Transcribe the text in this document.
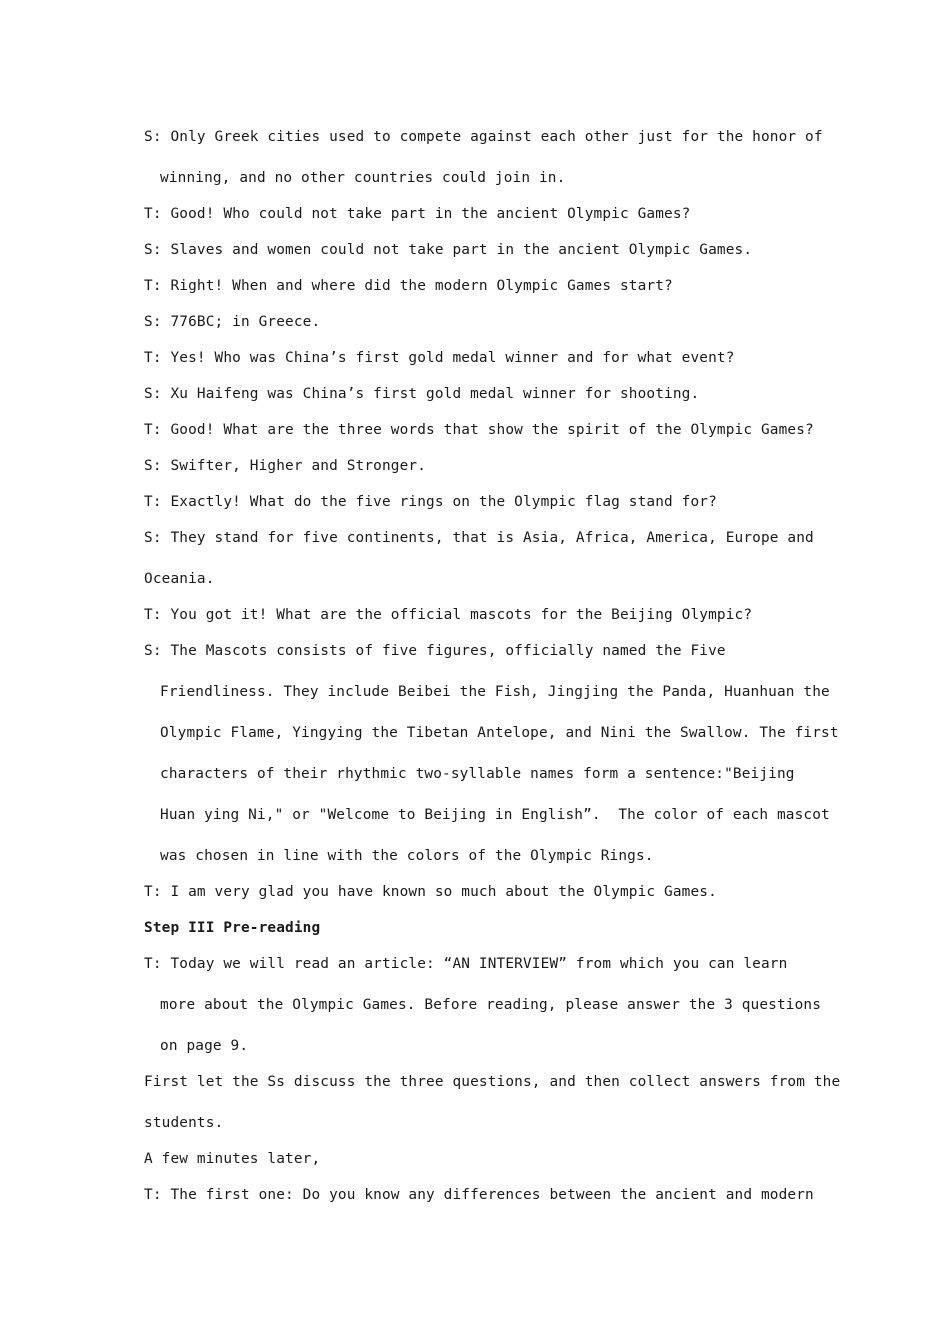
S: Only Greek cities used to compete against each other just for the honor of
winning, and no other countries could join in.
T: Good! Who could not take part in the ancient Olympic Games?
S: Slaves and women could not take part in the ancient Olympic Games.
T: Right! When and where did the modern Olympic Games start?
S: 776BC; in Greece.
T: Yes! Who was China’s first gold medal winner and for what event?
S: Xu Haifeng was China’s first gold medal winner for shooting.
T: Good! What are the three words that show the spirit of the Olympic Games?
S: Swifter, Higher and Stronger.
T: Exactly! What do the five rings on the Olympic flag stand for?
S: They stand for five continents, that is Asia, Africa, America, Europe and
Oceania.
T: You got it! What are the official mascots for the Beijing Olympic?
S: The Mascots consists of five figures, officially named the Five
Friendliness. They include Beibei the Fish, Jingjing the Panda, Huanhuan the
Olympic Flame, Yingying the Tibetan Antelope, and Nini the Swallow. The first
characters of their rhythmic two-syllable names form a sentence:"Beijing
Huan ying Ni," or "Welcome to Beijing in English”.  The color of each mascot
was chosen in line with the colors of the Olympic Rings.
T: I am very glad you have known so much about the Olympic Games.
Step III Pre-reading
T: Today we will read an article: “AN INTERVIEW” from which you can learn
more about the Olympic Games. Before reading, please answer the 3 questions
on page 9.
First let the Ss discuss the three questions, and then collect answers from the
students.
A few minutes later,
T: The first one: Do you know any differences between the ancient and modern
